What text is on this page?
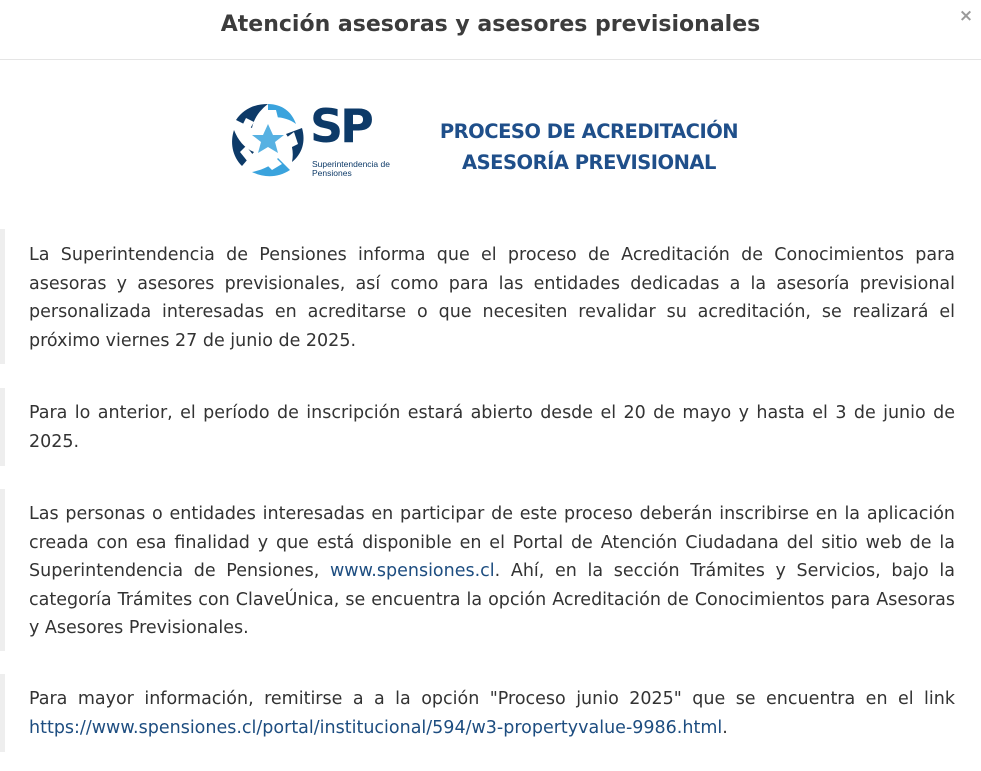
Atención asesoras y asesores previsionales	×
SP
Superintendencia de
Pensiones
PROCESO DE ACREDITACIÓN
ASESORÍA PREVISIONAL

La Superintendencia de Pensiones informa que el proceso de Acreditación de Conocimientos para asesoras y asesores previsionales, así como para las entidades dedicadas a la asesoría previsional personalizada interesadas en acreditarse o que necesiten revalidar su acreditación, se realizará el próximo viernes 27 de junio de 2025.

Para lo anterior, el período de inscripción estará abierto desde el 20 de mayo y hasta el 3 de junio de 2025.

Las personas o entidades interesadas en participar de este proceso deberán inscribirse en la aplicación creada con esa finalidad y que está disponible en el Portal de Atención Ciudadana del sitio web de la Superintendencia de Pensiones, www.spensiones.cl. Ahí, en la sección Trámites y Servicios, bajo la categoría Trámites con ClaveÚnica, se encuentra la opción Acreditación de Conocimientos para Asesoras y Asesores Previsionales.

Para mayor información, remitirse a a la opción "Proceso junio 2025" que se encuentra en el link https://www.spensiones.cl/portal/institucional/594/w3-propertyvalue-9986.html.
